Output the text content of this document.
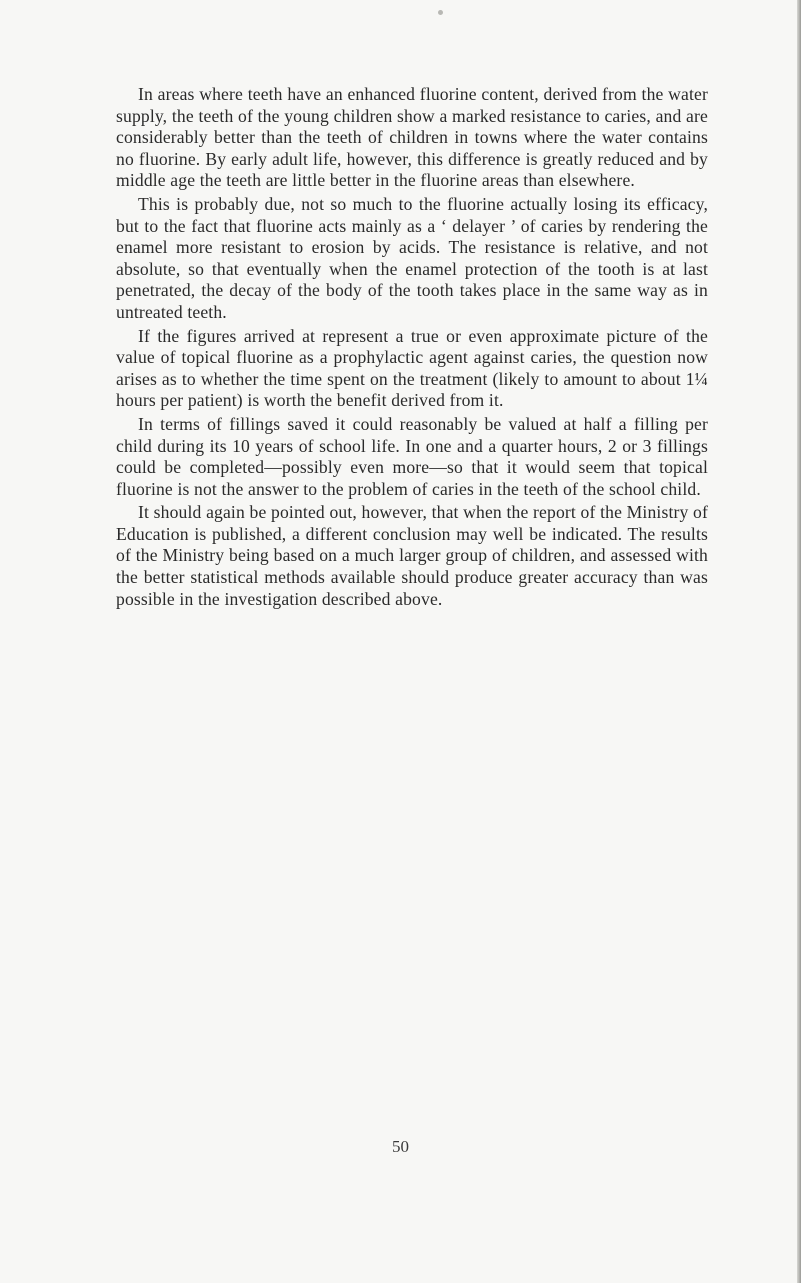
In areas where teeth have an enhanced fluorine content, derived from the water supply, the teeth of the young children show a marked resistance to caries, and are considerably better than the teeth of children in towns where the water contains no fluorine. By early adult life, however, this difference is greatly reduced and by middle age the teeth are little better in the fluorine areas than elsewhere.

This is probably due, not so much to the fluorine actually losing its efficacy, but to the fact that fluorine acts mainly as a ‘ delayer ’ of caries by rendering the enamel more resistant to erosion by acids. The resistance is relative, and not absolute, so that eventually when the enamel protection of the tooth is at last penetrated, the decay of the body of the tooth takes place in the same way as in untreated teeth.

If the figures arrived at represent a true or even approximate picture of the value of topical fluorine as a prophylactic agent against caries, the question now arises as to whether the time spent on the treatment (likely to amount to about 1¼ hours per patient) is worth the benefit derived from it.

In terms of fillings saved it could reasonably be valued at half a filling per child during its 10 years of school life. In one and a quarter hours, 2 or 3 fillings could be completed—possibly even more—so that it would seem that topical fluorine is not the answer to the problem of caries in the teeth of the school child.

It should again be pointed out, however, that when the report of the Ministry of Education is published, a different conclusion may well be indicated. The results of the Ministry being based on a much larger group of children, and assessed with the better statistical methods available should produce greater accuracy than was possible in the investigation described above.

50
